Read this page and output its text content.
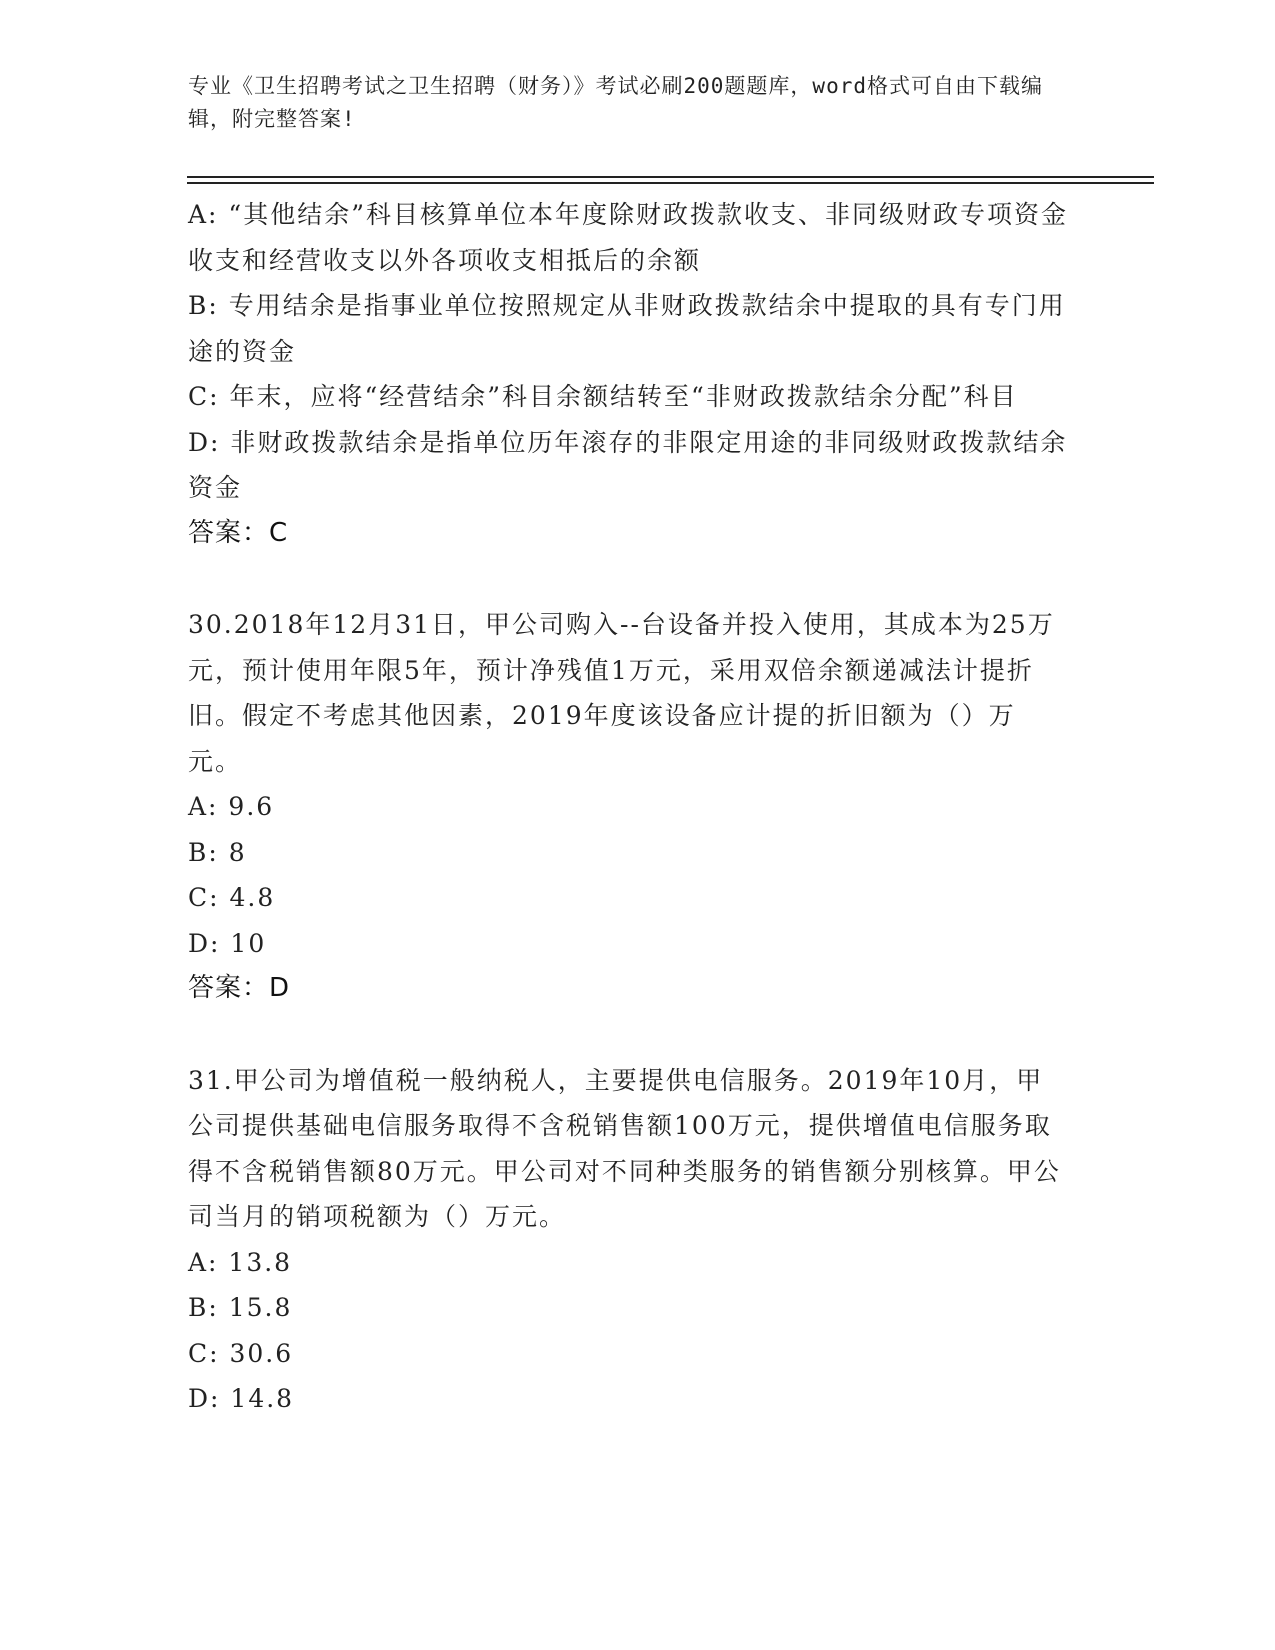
专业《卫生招聘考试之卫生招聘（财务）》考试必刷200题题库，word格式可自由下载编辑，附完整答案!

A: “其他结余”科目核算单位本年度除财政拨款收支、非同级财政专项资金收支和经营收支以外各项收支相抵后的余额

B: 专用结余是指事业单位按照规定从非财政拨款结余中提取的具有专门用途的资金

C: 年末，应将“经营结余”科目余额结转至“非财政拨款结余分配”科目

D: 非财政拨款结余是指单位历年滚存的非限定用途的非同级财政拨款结余资金

答案：C

30.2018年12月31日，甲公司购入--台设备并投入使用，其成本为25万元，预计使用年限5年，预计净残值1万元，采用双倍余额递减法计提折旧。假定不考虑其他因素，2019年度该设备应计提的折旧额为（）万元。

A: 9.6

B: 8

C: 4.8

D: 10

答案：D

31.甲公司为增值税一般纳税人，主要提供电信服务。2019年10月，甲公司提供基础电信服务取得不含税销售额100万元，提供增值电信服务取得不含税销售额80万元。甲公司对不同种类服务的销售额分别核算。甲公司当月的销项税额为（）万元。

A: 13.8

B: 15.8

C: 30.6

D: 14.8
